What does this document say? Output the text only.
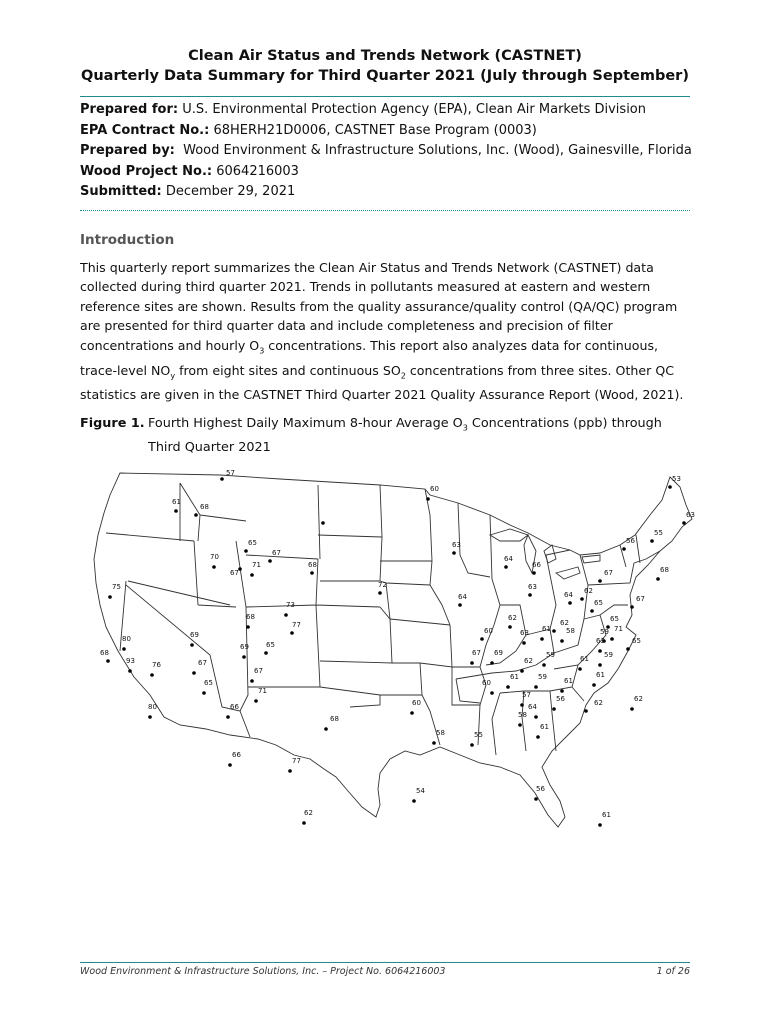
Clean Air Status and Trends Network (CASTNET)
Quarterly Data Summary for Third Quarter 2021 (July through September)
Prepared for: U.S. Environmental Protection Agency (EPA), Clean Air Markets Division
EPA Contract No.: 68HERH21D0006, CASTNET Base Program (0003)
Prepared by:  Wood Environment & Infrastructure Solutions, Inc. (Wood), Gainesville, Florida
Wood Project No.: 6064216003
Submitted: December 29, 2021
Introduction
This quarterly report summarizes the Clean Air Status and Trends Network (CASTNET) data collected during third quarter 2021. Trends in pollutants measured at eastern and western reference sites are shown. Results from the quality assurance/quality control (QA/QC) program are presented for third quarter data and include completeness and precision of filter concentrations and hourly $O_3$ concentrations. This report also analyzes data for continuous, trace-level $NO_y$ from eight sites and continuous $SO_2$ concentrations from three sites. Other QC statistics are given in the CASTNET Third Quarter 2021 Quality Assurance Report (Wood, 2021).
Figure 1. Fourth Highest Daily Maximum 8-hour Average $O_3$ Concentrations (ppb) through Third Quarter 2021
57
60
53
61
68
63
65
67
70
67
71	68
63	56
55
64
66
67	68
75	72
64
63
64 62
65	67
73
68
77
62
62	65
60	63 61 58	59 71
80	69
63	65
68
69 65
67 69
62
59	61 59
93 76	67
67
61
60
59 61
61
65
71	57	56	62	62
80	66	60	64
68
58
58
55
61
66
77
54	56
62	61
Wood Environment & Infrastructure Solutions, Inc. – Project No. 6064216003	1 of 26
